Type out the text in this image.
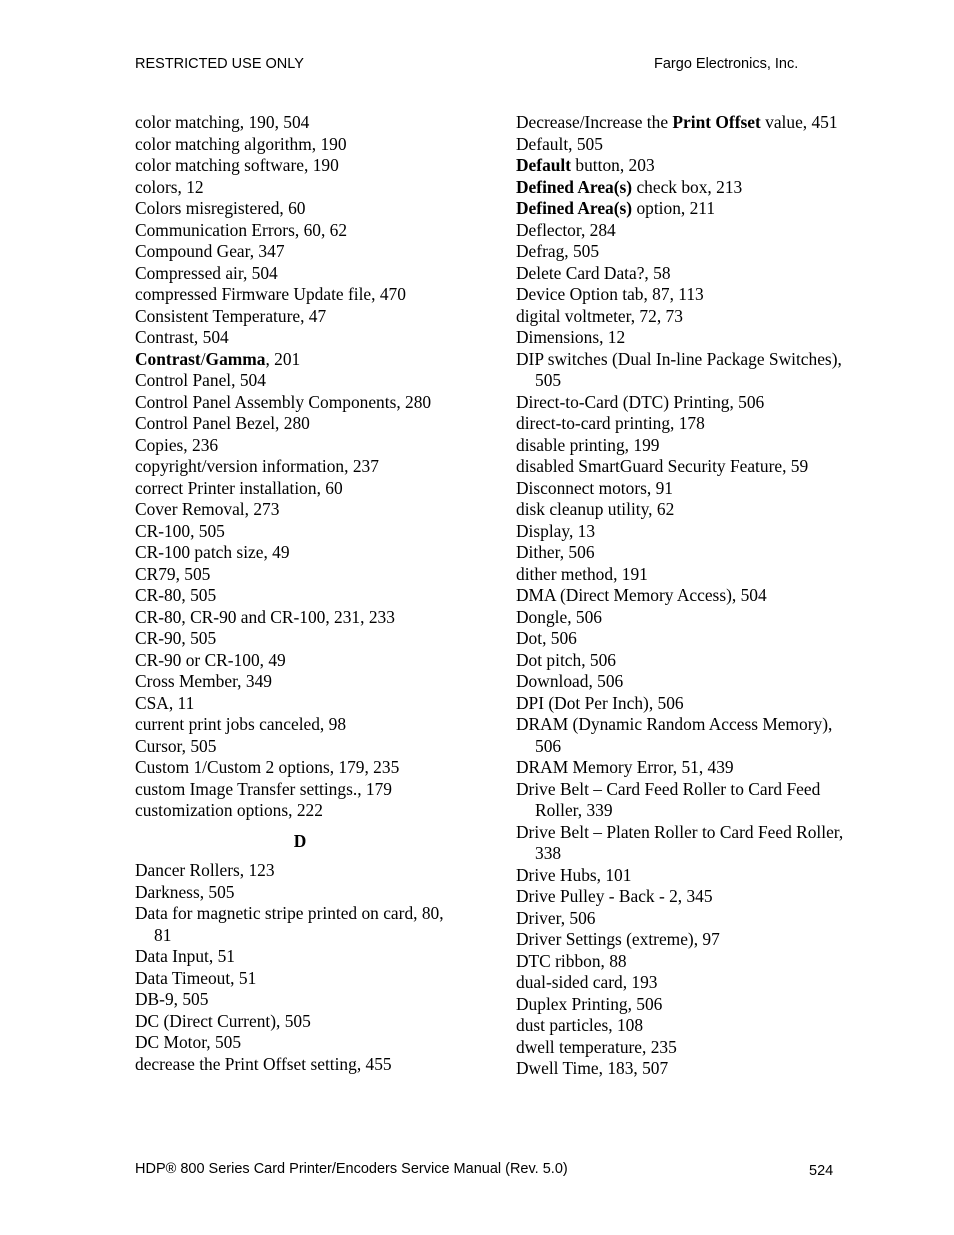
RESTRICTED USE ONLY	Fargo Electronics, Inc.
color matching, 190, 504
color matching algorithm, 190
color matching software, 190
colors, 12
Colors misregistered, 60
Communication Errors, 60, 62
Compound Gear, 347
Compressed air, 504
compressed Firmware Update file, 470
Consistent Temperature, 47
Contrast, 504
Contrast/Gamma, 201
Control Panel, 504
Control Panel Assembly Components, 280
Control Panel Bezel, 280
Copies, 236
copyright/version information, 237
correct Printer installation, 60
Cover Removal, 273
CR-100, 505
CR-100 patch size, 49
CR79, 505
CR-80, 505
CR-80, CR-90 and CR-100, 231, 233
CR-90, 505
CR-90 or CR-100, 49
Cross Member, 349
CSA, 11
current print jobs canceled, 98
Cursor, 505
Custom 1/Custom 2 options, 179, 235
custom Image Transfer settings., 179
customization options, 222
D
Dancer Rollers, 123
Darkness, 505
Data for magnetic stripe printed on card, 80, 81
Data Input, 51
Data Timeout, 51
DB-9, 505
DC (Direct Current), 505
DC Motor, 505
decrease the Print Offset setting, 455
Decrease/Increase the Print Offset value, 451
Default, 505
Default button, 203
Defined Area(s) check box, 213
Defined Area(s) option, 211
Deflector, 284
Defrag, 505
Delete Card Data?, 58
Device Option tab, 87, 113
digital voltmeter, 72, 73
Dimensions, 12
DIP switches (Dual In-line Package Switches), 505
Direct-to-Card (DTC) Printing, 506
direct-to-card printing, 178
disable printing, 199
disabled SmartGuard Security Feature, 59
Disconnect motors, 91
disk cleanup utility, 62
Display, 13
Dither, 506
dither method, 191
DMA (Direct Memory Access), 504
Dongle, 506
Dot, 506
Dot pitch, 506
Download, 506
DPI (Dot Per Inch), 506
DRAM (Dynamic Random Access Memory), 506
DRAM Memory Error, 51, 439
Drive Belt – Card Feed Roller to Card Feed Roller, 339
Drive Belt – Platen Roller to Card Feed Roller, 338
Drive Hubs, 101
Drive Pulley - Back - 2, 345
Driver, 506
Driver Settings (extreme), 97
DTC ribbon, 88
dual-sided card, 193
Duplex Printing, 506
dust particles, 108
dwell temperature, 235
Dwell Time, 183, 507
HDP® 800 Series Card Printer/Encoders Service Manual (Rev. 5.0)	524
